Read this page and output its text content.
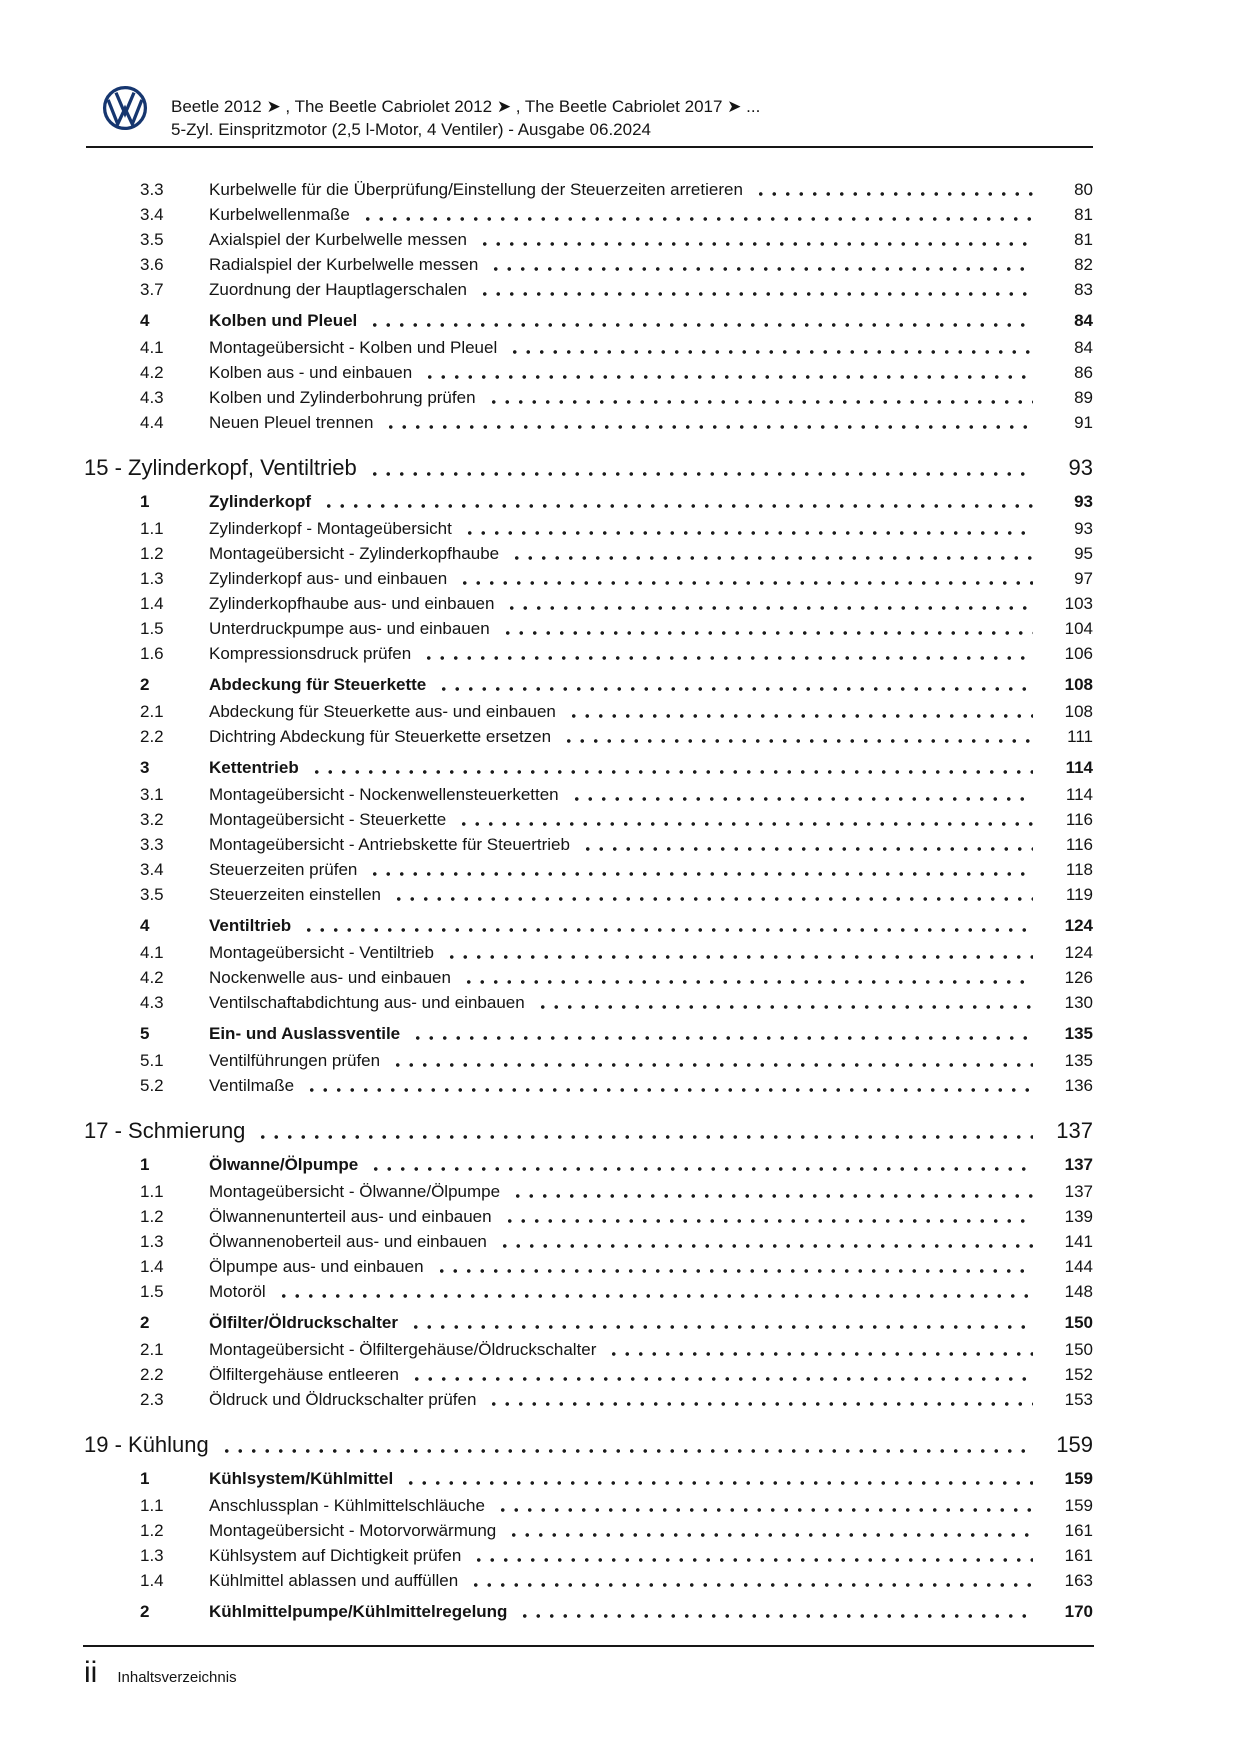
Beetle 2012 ➤ , The Beetle Cabriolet 2012 ➤ , The Beetle Cabriolet 2017 ➤ ...
5-Zyl. Einspritzmotor (2,5 l-Motor, 4 Ventiler) - Ausgabe 06.2024
3.3	Kurbelwelle für die Überprüfung/Einstellung der Steuerzeiten arretieren	80
3.4	Kurbelwellenmaße	81
3.5	Axialspiel der Kurbelwelle messen	81
3.6	Radialspiel der Kurbelwelle messen	82
3.7	Zuordnung der Hauptlagerschalen	83
4	Kolben und Pleuel	84
4.1	Montageübersicht - Kolben und Pleuel	84
4.2	Kolben aus - und einbauen	86
4.3	Kolben und Zylinderbohrung prüfen	89
4.4	Neuen Pleuel trennen	91
15 - Zylinderkopf, Ventiltrieb	93
1	Zylinderkopf	93
1.1	Zylinderkopf - Montageübersicht	93
1.2	Montageübersicht - Zylinderkopfhaube	95
1.3	Zylinderkopf aus- und einbauen	97
1.4	Zylinderkopfhaube aus- und einbauen	103
1.5	Unterdruckpumpe aus- und einbauen	104
1.6	Kompressionsdruck prüfen	106
2	Abdeckung für Steuerkette	108
2.1	Abdeckung für Steuerkette aus- und einbauen	108
2.2	Dichtring Abdeckung für Steuerkette ersetzen	111
3	Kettentrieb	114
3.1	Montageübersicht - Nockenwellensteuerketten	114
3.2	Montageübersicht - Steuerkette	116
3.3	Montageübersicht - Antriebskette für Steuertrieb	116
3.4	Steuerzeiten prüfen	118
3.5	Steuerzeiten einstellen	119
4	Ventiltrieb	124
4.1	Montageübersicht - Ventiltrieb	124
4.2	Nockenwelle aus- und einbauen	126
4.3	Ventilschaftabdichtung aus- und einbauen	130
5	Ein- und Auslassventile	135
5.1	Ventilführungen prüfen	135
5.2	Ventilmaße	136
17 - Schmierung	137
1	Ölwanne/Ölpumpe	137
1.1	Montageübersicht - Ölwanne/Ölpumpe	137
1.2	Ölwannenunterteil aus- und einbauen	139
1.3	Ölwannenoberteil aus- und einbauen	141
1.4	Ölpumpe aus- und einbauen	144
1.5	Motoröl	148
2	Ölfilter/Öldruckschalter	150
2.1	Montageübersicht - Ölfiltergehäuse/Öldruckschalter	150
2.2	Ölfiltergehäuse entleeren	152
2.3	Öldruck und Öldruckschalter prüfen	153
19 - Kühlung	159
1	Kühlsystem/Kühlmittel	159
1.1	Anschlussplan - Kühlmittelschläuche	159
1.2	Montageübersicht - Motorvorwärmung	161
1.3	Kühlsystem auf Dichtigkeit prüfen	161
1.4	Kühlmittel ablassen und auffüllen	163
2	Kühlmittelpumpe/Kühlmittelregelung	170
ii Inhaltsverzeichnis
